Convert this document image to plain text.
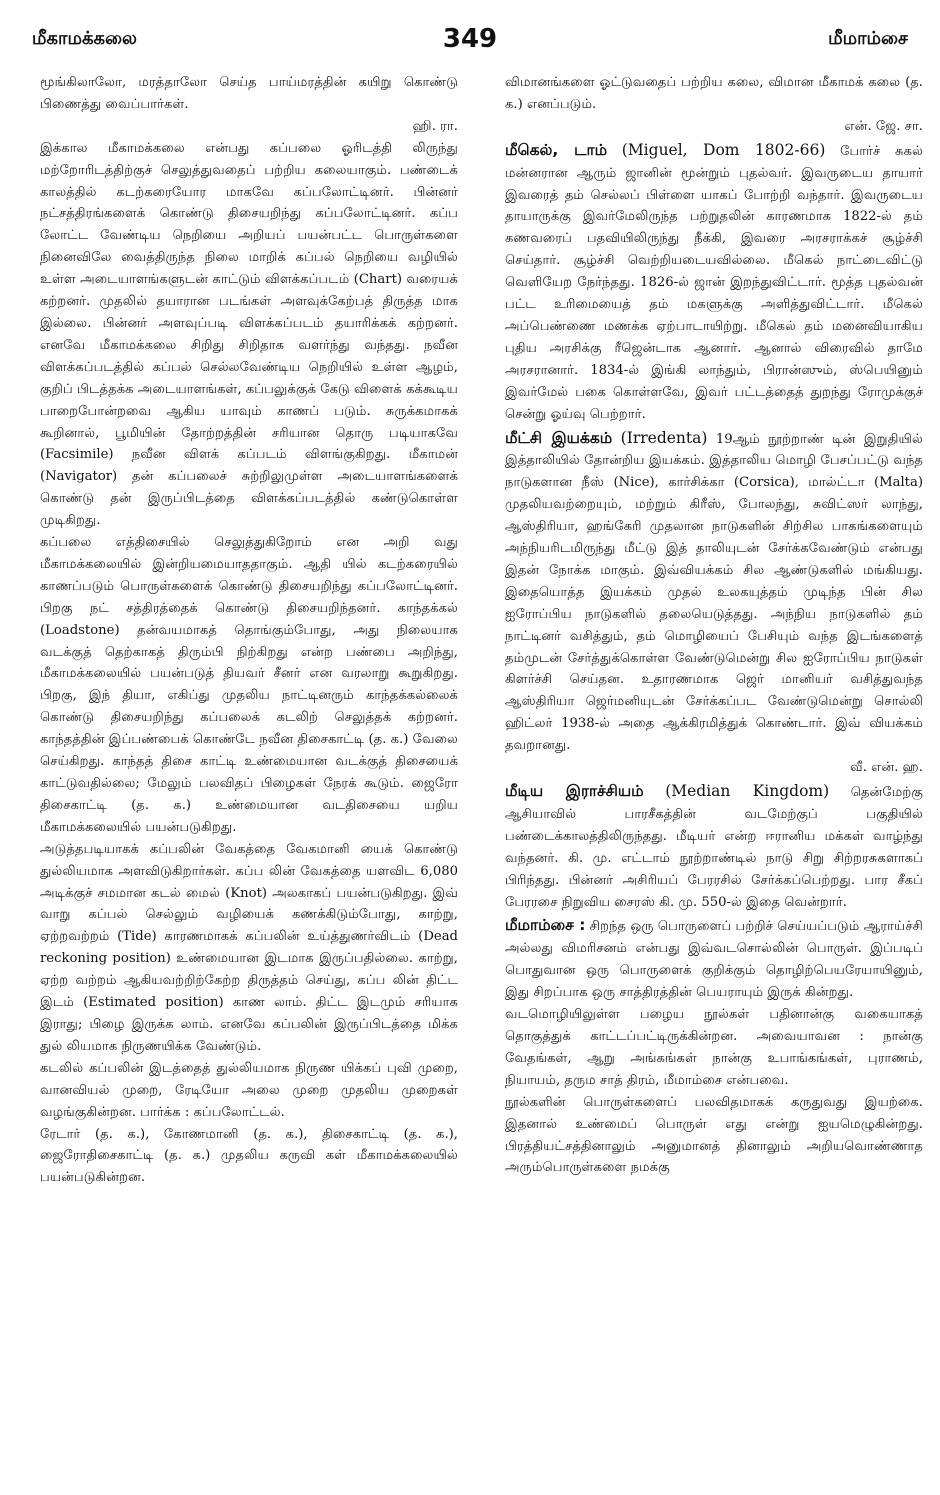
மீகாமக்கலை	349	மீமாம்சை

மூங்கிலாலோ, மரத்தாலோ செய்த பாய்மரத்தின் கயிறு கொண்டு பிணைத்து வைப்பார்கள்.
ஹி. ரா.

இக்கால மீகாமக்கலை என்பது கப்பலை ஓரிடத்தி லிருந்து மற்றோரிடத்திற்குச் செலுத்துவதைப் பற்றிய கலையாகும். பண்டைக் காலத்தில் கடற்கரையோர மாகவே கப்பலோட்டினர். பின்னர் நட்சத்திரங்களைக் கொண்டு திசையறிந்து கப்பலோட்டினர். கப்ப லோட்ட வேண்டிய நெறியை அறியப் பயன்பட்ட பொருள்களை நினைவிலே வைத்திருந்த நிலை மாறிக் கப்பல் நெறியை வழியில் உள்ள அடையாளங்களுடன் காட்டும் விளக்கப்படம் (Chart) வரையக் கற்றனர். முதலில் தயாரான படங்கள் அளவுக்கேற்பத் திருத்த மாக இல்லை. பின்னர் அளவுப்படி விளக்கப்படம் தயாரிக்கக் கற்றனர். எனவே மீகாமக்கலை சிறிது சிறிதாக வளர்ந்து வந்தது. நவீன விளக்கப்படத்தில் கப்பல் செல்லவேண்டிய நெறியில் உள்ள ஆழம், குறிப் பிடத்தக்க அடையாளங்கள், கப்பலுக்குக் கேடு விளைக் கக்கூடிய பாறைபோன்றவை ஆகிய யாவும் காணப் படும். சுருக்கமாகக் கூறினால், பூமியின் தோற்றத்தின் சரியான தொரு படியாகவே (Facsimile) நவீன விளக் கப்படம் விளங்குகிறது. மீகாமன் (Navigator) தன் கப்பலைச் சுற்றிலுமுள்ள அடையாளங்களைக் கொண்டு தன் இருப்பிடத்தை விளக்கப்படத்தில் கண்டுகொள்ள முடிகிறது.

கப்பலை எத்திசையில் செலுத்துகிறோம் என அறி வது மீகாமக்கலையில் இன்றியமையாததாகும். ஆதி யில் கடற்கரையில் காணப்படும் பொருள்களைக் கொண்டு திசையறிந்து கப்பலோட்டினர். பிறகு நட் சத்திரத்தைக் கொண்டு திசையறிந்தனர். காந்தக்கல் (Loadstone) தன்வயமாகத் தொங்கும்போது, அது நிலையாக வடக்குத் தெற்காகத் திரும்பி நிற்கிறது என்ற பண்பை அறிந்து, மீகாமக்கலையில் பயன்படுத் தியவர் சீனர் என வரலாறு கூறுகிறது. பிறகு, இந் தியா, எகிப்து முதலிய நாட்டினரும் காந்தக்கல்லைக் கொண்டு திசையறிந்து கப்பலைக் கடலிற் செலுத்தக் கற்றனர். காந்தத்தின் இப்பண்பைக் கொண்டே நவீன திசைகாட்டி (த. க.) வேலை செய்கிறது. காந்தத் திசை காட்டி உண்மையான வடக்குத் திசையைக் காட்டுவதில்லை; மேலும் பலவிதப் பிழைகள் நேரக் கூடும். ஜைரோ திசைகாட்டி (த. க.) உண்மையான வடதிசையை யறிய மீகாமக்கலையில் பயன்படுகிறது.

அடுத்தபடியாகக் கப்பலின் வேகத்தை வேகமானி யைக் கொண்டு துல்லியமாக அளவிடுகிறார்கள். கப்ப லின் வேகத்தை யளவிட 6,080 அடிக்குச் சமமான கடல் மைல் (Knot) அலகாகப் பயன்படுகிறது. இவ் வாறு கப்பல் செல்லும் வழியைக் கணக்கிடும்போது, காற்று, ஏற்றவற்றம் (Tide) காரணமாகக் கப்பலின் உய்த்துணர்விடம் (Dead reckoning position) உண்மையான இடமாக இருப்பதில்லை. காற்று, ஏற்ற வற்றம் ஆகியவற்றிற்கேற்ற திருத்தம் செய்து, கப்ப லின் திட்ட இடம் (Estimated position) காண லாம். திட்ட இடமும் சரியாக இராது; பிழை இருக்க லாம். எனவே கப்பலின் இருப்பிடத்தை மிக்க துல் லியமாக நிருணயிக்க வேண்டும்.

கடலில் கப்பலின் இடத்தைத் துல்லியமாக நிருண யிக்கப் புவி முறை, வானவியல் முறை, ரேடியோ அலை முறை முதலிய முறைகள் வழங்குகின்றன. பார்க்க : கப்பலோட்டல்.

ரேடார் (த. க.), கோணமானி (த. க.), திசைகாட்டி (த. க.), ஜைரோதிசைகாட்டி (த. க.) முதலிய கருவி கள் மீகாமக்கலையில் பயன்படுகின்றன.

விமானங்களை ஓட்டுவதைப் பற்றிய கலை, விமான மீகாமக் கலை (த. க.) எனப்படும்.
என். ஜே. சா.

மீகெல், டாம் (Miguel, Dom 1802-66) போர்ச் சுகல் மன்னரான ஆரும் ஜானின் மூன்றும் புதல்வர். இவருடைய தாயார் இவரைத் தம் செல்லப் பிள்ளை யாகப் போற்றி வந்தார். இவருடைய தாயாருக்கு இவர்மேலிருந்த பற்றுதலின் காரணமாக 1822-ல் தம் கணவரைப் பதவியிலிருந்து நீக்கி, இவரை அரசராக்கச் சூழ்ச்சி செய்தார். சூழ்ச்சி வெற்றியடையவில்லை. மீகெல் நாட்டைவிட்டு வெளியேற நேர்ந்தது. 1826-ல் ஜான் இறந்துவிட்டார். மூத்த புதல்வன் பட்ட உரிமையைத் தம் மகளுக்கு அளித்துவிட்டார். மீகெல் அப்பெண்ணை மணக்க ஏற்பாடாயிற்று. மீகெல் தம் மனைவியாகிய புதிய அரசிக்கு ரீஜென்டாக ஆனார். ஆனால் விரைவில் தாமே அரசரானார். 1834-ல் இங்கி லாந்தும், பிரான்ஸும், ஸ்பெயினும் இவர்மேல் பகை கொள்ளவே, இவர் பட்டத்தைத் துறந்து ரோமுக்குச் சென்று ஓய்வு பெற்றார்.

மீட்சி இயக்கம் (Irredenta) 19ஆம் நூற்றாண் டின் இறுதியில் இத்தாலியில் தோன்றிய இயக்கம். இத்தாலிய மொழி பேசப்பட்டு வந்த நாடுகளான நீஸ் (Nice), கார்சிக்கா (Corsica), மால்ட்டா (Malta) முதலியவற்றையும், மற்றும் கிரீஸ், போலந்து, சுவிட்ஸர் லாந்து, ஆஸ்திரியா, ஹங்கேரி முதலான நாடுகளின் சிற்சில பாகங்களையும் அந்நியரிடமிருந்து மீட்டு இத் தாலியுடன் சேர்க்கவேண்டும் என்பது இதன் நோக்க மாகும். இவ்வியக்கம் சில ஆண்டுகளில் மங்கியது. இதையொத்த இயக்கம் முதல் உலகயுத்தம் முடிந்த பின் சில ஐரோப்பிய நாடுகளில் தலையெடுத்தது. அந்நிய நாடுகளில் தம் நாட்டினர் வசித்தும், தம் மொழியைப் பேசியும் வந்த இடங்களைத் தம்முடன் சேர்த்துக்கொள்ள வேண்டுமென்று சில ஐரோப்பிய நாடுகள் கிளர்ச்சி செய்தன. உதாரணமாக ஜெர் மானியர் வசித்துவந்த ஆஸ்திரியா ஜெர்மனியுடன் சேர்க்கப்பட வேண்டுமென்று சொல்லி ஹிட்லர் 1938-ல் அதை ஆக்கிரமித்துக் கொண்டார். இவ் வியக்கம் தவறானது.
வீ. என். ஹ.

மீடிய இராச்சியம் (Median Kingdom) தென்மேற்கு ஆசியாவில் பாரசீகத்தின் வடமேற்குப் பகுதியில் பண்டைக்காலத்திலிருந்தது. மீடியர் என்ற ஈரானிய மக்கள் வாழ்ந்து வந்தனர். கி. மு. எட்டாம் நூற்றாண்டில் நாடு சிறு சிற்றரசுகளாகப் பிரிந்தது. பின்னர் அசிரியப் பேரரசில் சேர்க்கப்பெற்றது. பார சீகப் பேரரசை நிறுவிய சைரஸ் கி. மு. 550-ல் இதை வென்றார்.

மீமாம்சை : சிறந்த ஒரு பொருளைப் பற்றிச் செய்யப்படும் ஆராய்ச்சி அல்லது விமரிசனம் என்பது இவ்வடசொல்லின் பொருள். இப்படிப் பொதுவான ஒரு பொருளைக் குறிக்கும் தொழிற்பெயரேயாயினும், இது சிறப்பாக ஒரு சாத்திரத்தின் பெயராயும் இருக் கின்றது.

வடமொழியிலுள்ள பழைய நூல்கள் பதினான்கு வகையாகத் தொகுத்துக் காட்டப்பட்டிருக்கின்றன. அவையாவன : நான்கு வேதங்கள், ஆறு அங்கங்கள் நான்கு உபாங்கங்கள், புராணம், நியாயம், தரும சாத் திரம், மீமாம்சை என்பவை.

நூல்களின் பொருள்களைப் பலவிதமாகக் கருதுவது இயற்கை. இதனால் உண்மைப் பொருள் எது என்று ஐயமெழுகின்றது. பிரத்தியட்சத்தினாலும் அனுமானத் தினாலும் அறியவொண்ணாத அரும்பொருள்களை நமக்கு
